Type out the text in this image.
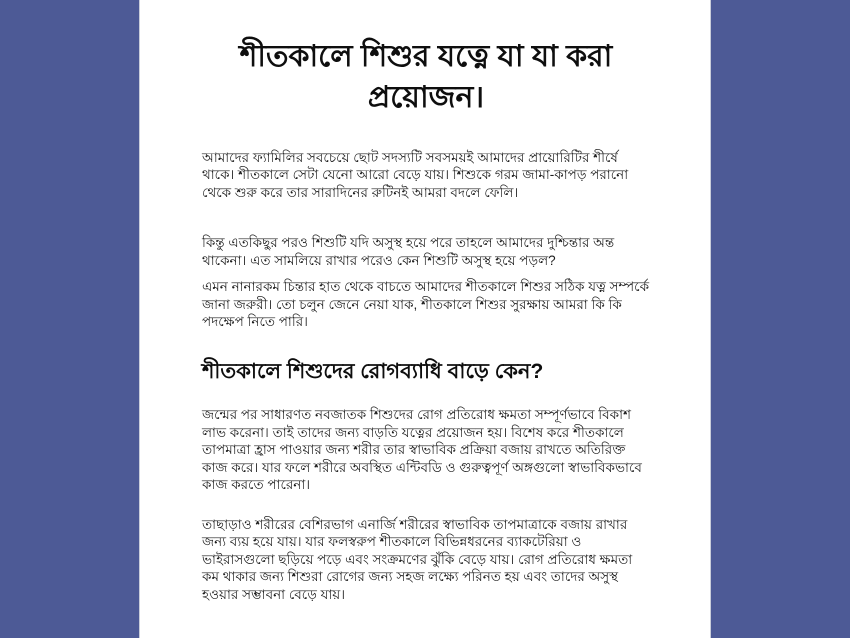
শীতকালে শিশুর যত্নে যা যা করা প্রয়োজন।

আমাদের ফ্যামিলির সবচেয়ে ছোট সদস্যটি সবসময়ই আমাদের প্রায়োরিটির শীর্ষে থাকে। শীতকালে সেটা যেনো আরো বেড়ে যায়। শিশুকে গরম জামা-কাপড় পরানো থেকে শুরু করে তার সারাদিনের রুটিনই আমরা বদলে ফেলি।

কিন্তু এতকিছুর পরও শিশুটি যদি অসুস্থ হয়ে পরে তাহলে আমাদের দুশ্চিন্তার অন্ত থাকেনা। এত সামলিয়ে রাখার পরেও কেন শিশুটি অসুস্থ হয়ে পড়ল?

এমন নানারকম চিন্তার হাত থেকে বাচতে আমাদের শীতকালে শিশুর সঠিক যত্ন সম্পর্কে জানা জরুরী। তো চলুন জেনে নেয়া যাক, শীতকালে শিশুর সুরক্ষায় আমরা কি কি পদক্ষেপ নিতে পারি।

শীতকালে শিশুদের রোগব্যাধি বাড়ে কেন?

জন্মের পর সাধারণত নবজাতক শিশুদের রোগ প্রতিরোধ ক্ষমতা সম্পূর্ণভাবে বিকাশ লাভ করেনা। তাই তাদের জন্য বাড়তি যত্নের প্রয়োজন হয়। বিশেষ করে শীতকালে তাপমাত্রা হ্রাস পাওয়ার জন্য শরীর তার স্বাভাবিক প্রক্রিয়া বজায় রাখতে অতিরিক্ত কাজ করে। যার ফলে শরীরে অবস্থিত এন্টিবডি ও গুরুত্বপূর্ণ অঙ্গগুলো স্বাভাবিকভাবে কাজ করতে পারেনা।

তাছাড়াও শরীরের বেশিরভাগ এনার্জি শরীরের স্বাভাবিক তাপমাত্রাকে বজায় রাখার জন্য ব্যয় হয়ে যায়। যার ফলস্বরুপ শীতকালে বিভিন্নধরনের ব্যাকটেরিয়া ও ভাইরাসগুলো ছড়িয়ে পড়ে এবং সংক্রমণের ঝুঁকি বেড়ে যায়। রোগ প্রতিরোধ ক্ষমতা কম থাকার জন্য শিশুরা রোগের জন্য সহজ লক্ষ্যে পরিনত হয় এবং তাদের অসুস্থ হওয়ার সম্ভাবনা বেড়ে যায়।
